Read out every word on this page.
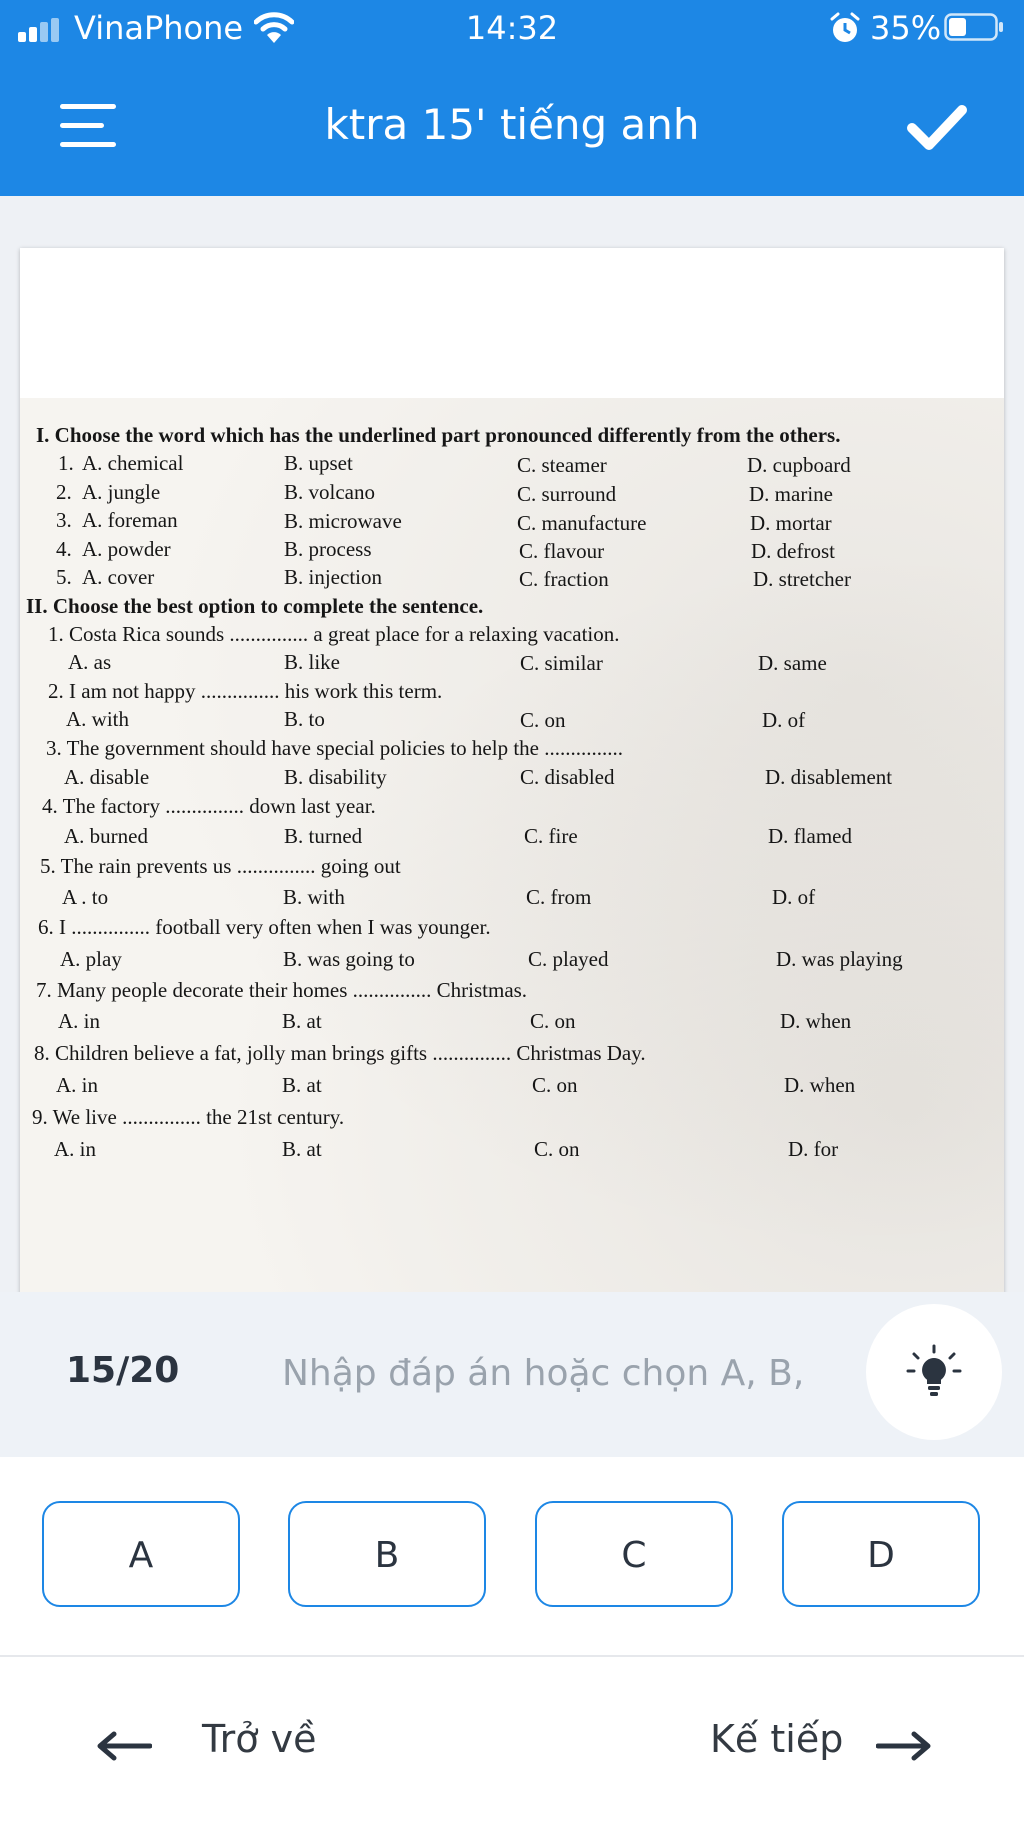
VinaPhone	14:32	35%
ktra 15' tiếng anh
I. Choose the word which has the underlined part pronounced differently from the others.
1. A. chemical	B. upset	C. steamer	D. cupboard
2. A. jungle	B. volcano	C. surround	D. marine
3. A. foreman	B. microwave	C. manufacture	D. mortar
4. A. powder	B. process	C. flavour	D. defrost
5. A. cover	B. injection	C. fraction	D. stretcher
II. Choose the best option to complete the sentence.
1. Costa Rica sounds ............... a great place for a relaxing vacation.
A. as	B. like	C. similar	D. same
2. I am not happy ............... his work this term.
A. with	B. to	C. on	D. of
3. The government should have special policies to help the ...............
A. disable	B. disability	C. disabled	D. disablement
4. The factory ............... down last year.
A. burned	B. turned	C. fire	D. flamed
5. The rain prevents us ............... going out
A . to	B. with	C. from	D. of
6. I ............... football very often when I was younger.
A. play	B. was going to	C. played	D. was playing
7. Many people decorate their homes ............... Christmas.
A. in	B. at	C. on	D. when
8. Children believe a fat, jolly man brings gifts ............... Christmas Day.
A. in	B. at	C. on	D. when
9. We live ............... the 21st century.
A. in	B. at	C. on	D. for
15/20
Nhập đáp án hoặc chọn A, B,
A	B	C	D
Trở về	Kế tiếp
